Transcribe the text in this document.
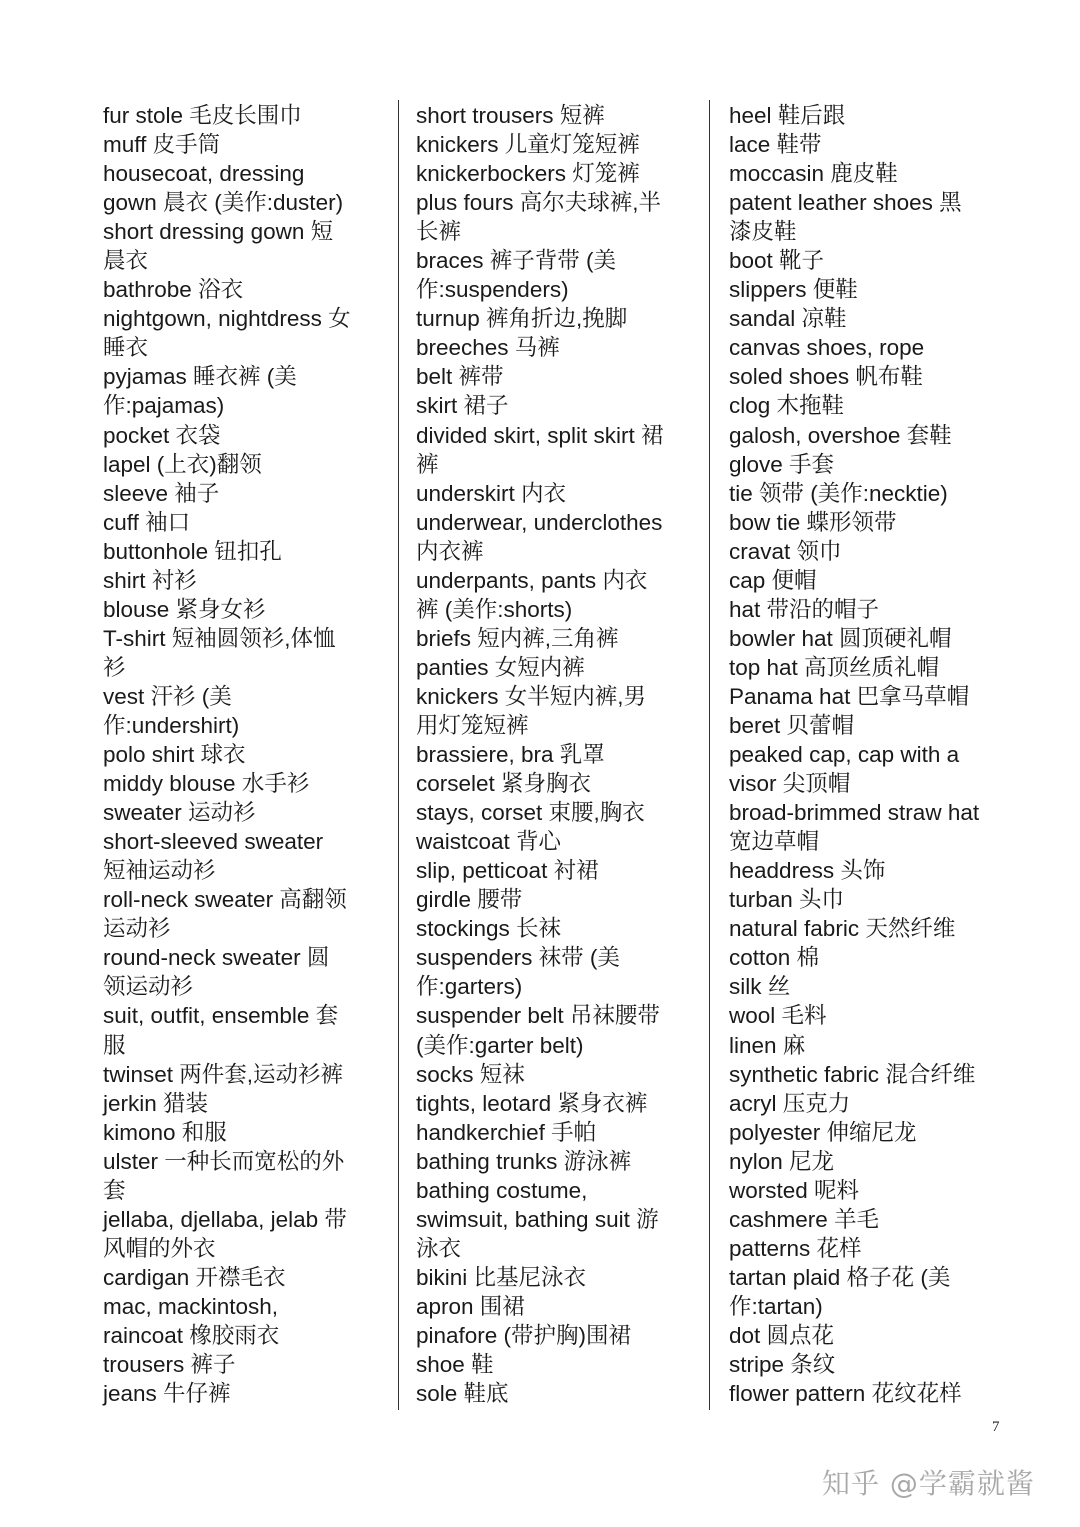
fur stole 毛皮长围巾
muff 皮手筒
housecoat, dressing
gown 晨衣 (美作:duster)
short dressing gown 短
晨衣
bathrobe 浴衣
nightgown, nightdress 女
睡衣
pyjamas 睡衣裤 (美
作:pajamas)
pocket 衣袋
lapel (上衣)翻领
sleeve 袖子
cuff 袖口
buttonhole 钮扣孔
shirt 衬衫
blouse 紧身女衫
T-shirt 短袖圆领衫,体恤
衫
vest 汗衫 (美
作:undershirt)
polo shirt 球衣
middy blouse 水手衫
sweater 运动衫
short-sleeved sweater
短袖运动衫
roll-neck sweater 高翻领
运动衫
round-neck sweater 圆
领运动衫
suit, outfit, ensemble 套
服
twinset 两件套,运动衫裤
jerkin 猎装
kimono 和服
ulster 一种长而宽松的外
套
jellaba, djellaba, jelab 带
风帽的外衣
cardigan 开襟毛衣
mac, mackintosh,
raincoat 橡胶雨衣
trousers 裤子
jeans 牛仔裤
short trousers 短裤
knickers 儿童灯笼短裤
knickerbockers 灯笼裤
plus fours 高尔夫球裤,半
长裤
braces 裤子背带 (美
作:suspenders)
turnup 裤角折边,挽脚
breeches 马裤
belt 裤带
skirt 裙子
divided skirt, split skirt 裙
裤
underskirt 内衣
underwear, underclothes
内衣裤
underpants, pants 内衣
裤 (美作:shorts)
briefs 短内裤,三角裤
panties 女短内裤
knickers 女半短内裤,男
用灯笼短裤
brassiere, bra 乳罩
corselet 紧身胸衣
stays, corset 束腰,胸衣
waistcoat 背心
slip, petticoat 衬裙
girdle 腰带
stockings 长袜
suspenders 袜带 (美
作:garters)
suspender belt 吊袜腰带
(美作:garter belt)
socks 短袜
tights, leotard 紧身衣裤
handkerchief 手帕
bathing trunks 游泳裤
bathing costume,
swimsuit, bathing suit 游
泳衣
bikini 比基尼泳衣
apron 围裙
pinafore (带护胸)围裙
shoe 鞋
sole 鞋底
heel 鞋后跟
lace 鞋带
moccasin 鹿皮鞋
patent leather shoes 黑
漆皮鞋
boot 靴子
slippers 便鞋
sandal 凉鞋
canvas shoes, rope
soled shoes 帆布鞋
clog 木拖鞋
galosh, overshoe 套鞋
glove 手套
tie 领带 (美作:necktie)
bow tie 蝶形领带
cravat 领巾
cap 便帽
hat 带沿的帽子
bowler hat 圆顶硬礼帽
top hat 高顶丝质礼帽
Panama hat 巴拿马草帽
beret 贝蕾帽
peaked cap, cap with a
visor 尖顶帽
broad-brimmed straw hat
宽边草帽
headdress 头饰
turban 头巾
natural fabric 天然纤维
cotton 棉
silk 丝
wool 毛料
linen 麻
synthetic fabric 混合纤维
acryl 压克力
polyester 伸缩尼龙
nylon 尼龙
worsted 呢料
cashmere 羊毛
patterns 花样
tartan plaid 格子花 (美
作:tartan)
dot 圆点花
stripe 条纹
flower pattern 花纹花样
7
知乎 @学霸就酱
